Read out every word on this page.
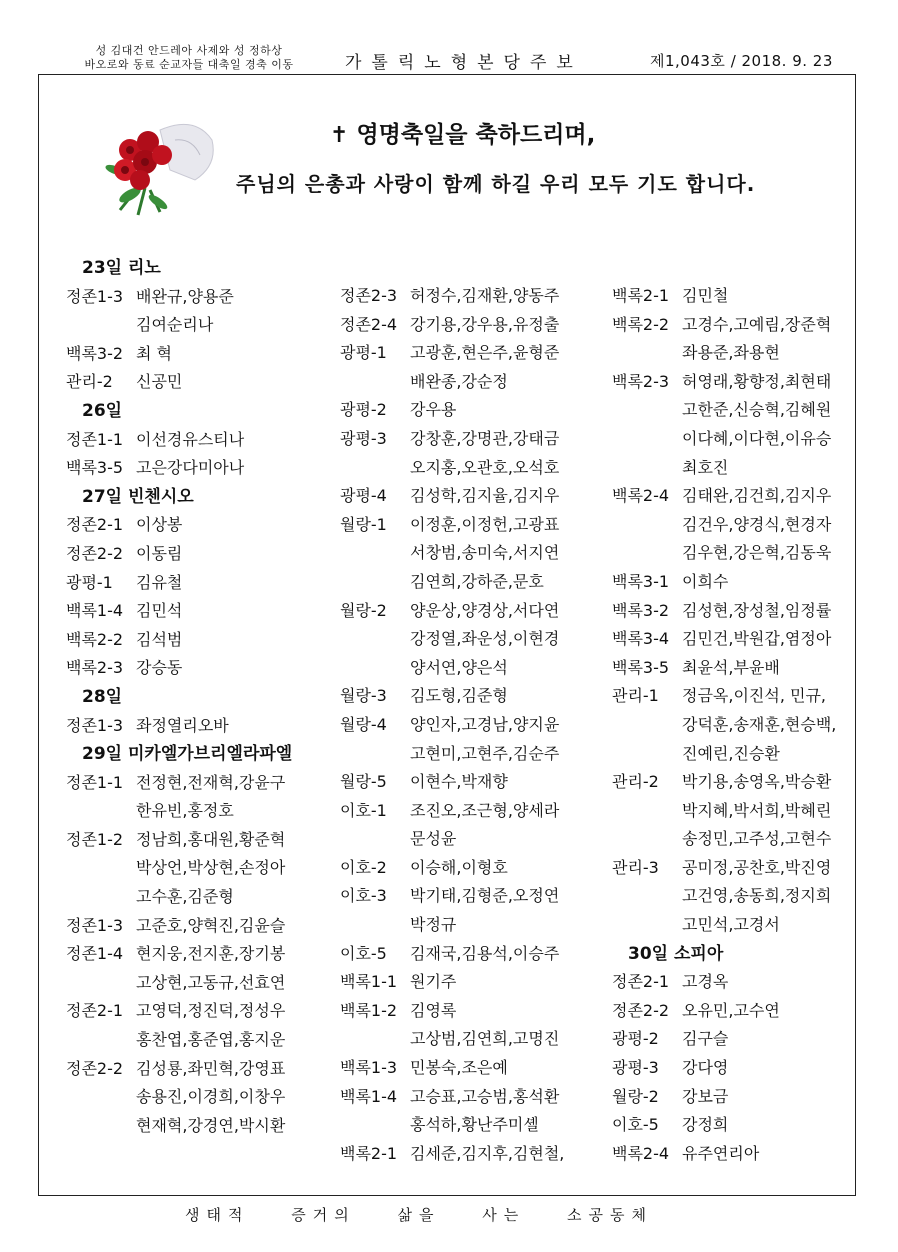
성 김대건 안드레아 사제와 성 정하상
바오로와 동료 순교자들 대축일 경축 이동	가톨릭노형본당주보	제1,043호 / 2018. 9. 23
✝ 영명축일을 축하드리며,
주님의 은총과 사랑이 함께 하길 우리 모두 기도 합니다.
23일 리노
정존1-3 배완규,양용준
김여순리나
백록3-2 최 혁
관리-2	신공민
26일
정존1-1 이선경유스티나
백록3-5 고은강다미아나
27일 빈첸시오
정존2-1 이상봉
정존2-2 이동림
광평-1	김유철
백록1-4 김민석
백록2-2 김석범
백록2-3 강승동
28일
정존1-3 좌정열리오바
29일 미카엘가브리엘라파엘
정존1-1 전정현,전재혁,강윤구
한유빈,홍정호
정존1-2 정남희,홍대원,황준혁
박상언,박상현,손정아
고수훈,김준형
정존1-3 고준호,양혁진,김윤슬
정존1-4 현지웅,전지훈,장기봉
고상현,고동규,선효연
정존2-1 고영덕,정진덕,정성우
홍찬엽,홍준엽,홍지운
정존2-2 김성룡,좌민혁,강영표
송용진,이경희,이창우
현재혁,강경연,박시환
정존2-3 허정수,김재환,양동주
정존2-4 강기용,강우용,유정출
광평-1	고광훈,현은주,윤형준
배완종,강순정
광평-2	강우용
광평-3	강창훈,강명관,강태금
오지홍,오관호,오석호
광평-4	김성학,김지율,김지우
월랑-1	이정훈,이정헌,고광표
서창범,송미숙,서지연
김연희,강하준,문호
월랑-2	양운상,양경상,서다연
강정열,좌운성,이현경
양서연,양은석
월랑-3	김도형,김준형
월랑-4	양인자,고경남,양지윤
고현미,고현주,김순주
월랑-5	이현수,박재향
이호-1	조진오,조근형,양세라
문성윤
이호-2	이승해,이형호
이호-3	박기태,김형준,오정연
박정규
이호-5	김재국,김용석,이승주
백록1-1 원기주
백록1-2 김영록
고상범,김연희,고명진
백록1-3 민봉숙,조은예
백록1-4 고승표,고승범,홍석환
홍석하,황난주미셸
백록2-1 김세준,김지후,김현철,
백록2-1 김민철
백록2-2 고경수,고예림,장준혁
좌용준,좌용현
백록2-3 허영래,황향정,최현태
고한준,신승혁,김혜원
이다혜,이다현,이유승
최호진
백록2-4 김태완,김건희,김지우
김건우,양경식,현경자
김우현,강은혁,김동욱
백록3-1 이희수
백록3-2 김성현,장성철,임정률
백록3-4 김민건,박원갑,염정아
백록3-5 최윤석,부윤배
관리-1	정금옥,이진석, 민규,
강덕훈,송재훈,현승백,
진예린,진승환
관리-2	박기용,송영옥,박승환
박지혜,박서희,박혜린
송정민,고주성,고현수
관리-3	공미정,공찬호,박진영
고건영,송동희,정지희
고민석,고경서
30일 소피아
정존2-1 고경옥
정존2-2 오유민,고수연
광평-2	김구슬
광평-3	강다영
월랑-2	강보금
이호-5	강정희
백록2-4 유주연리아
생태적 증거의 삶을 사는 소공동체
